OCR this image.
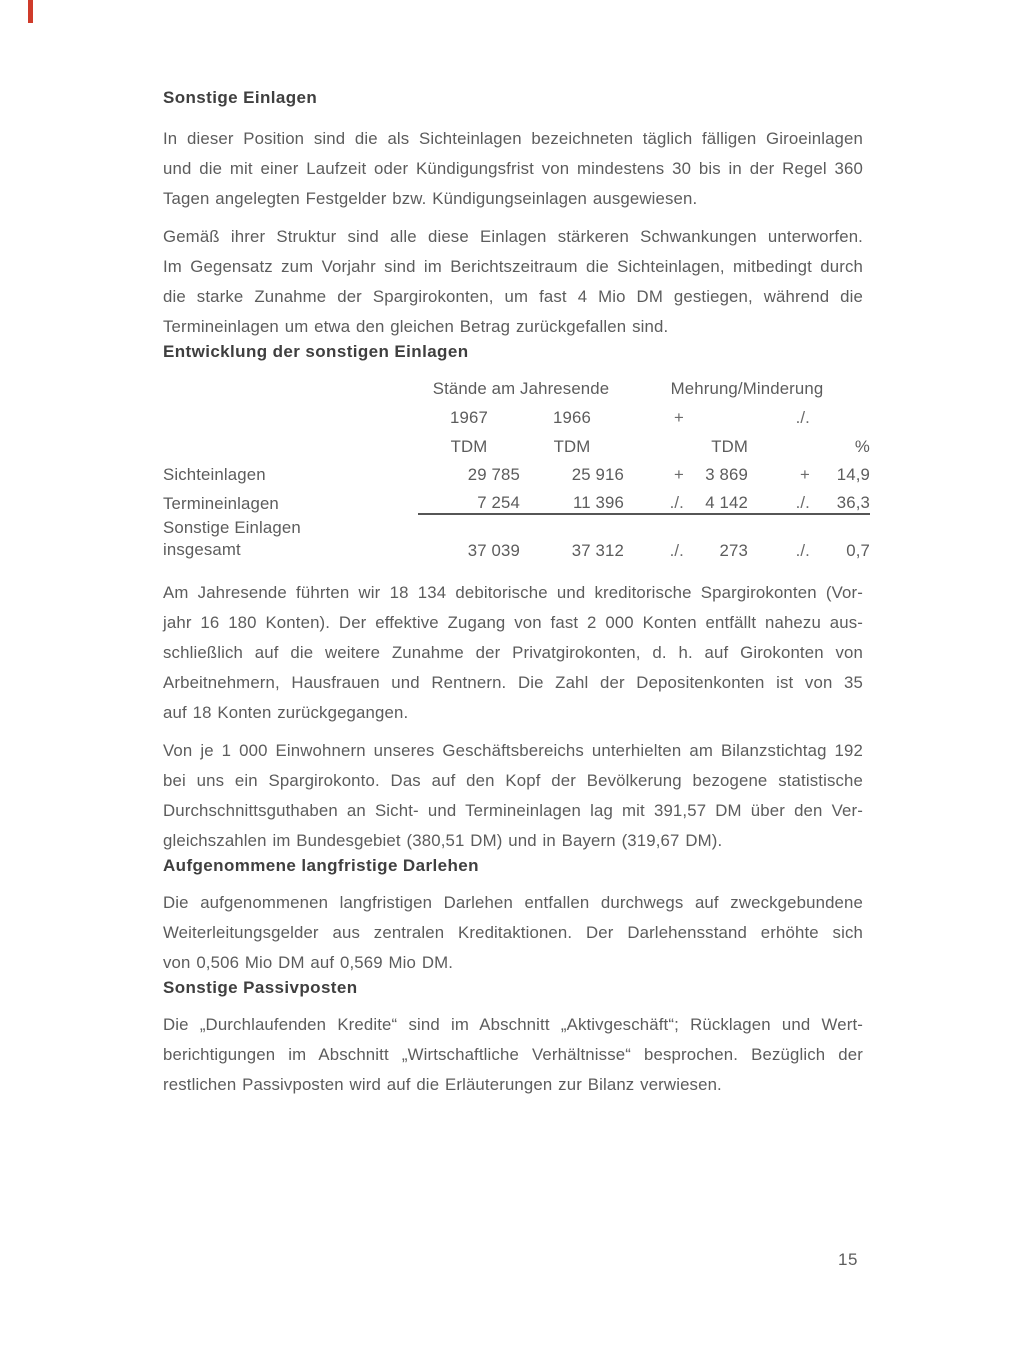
Sonstige Einlagen
In dieser Position sind die als Sichteinlagen bezeichneten täglich fälligen Giroeinlagen
und die mit einer Laufzeit oder Kündigungsfrist von mindestens 30 bis in der Regel 360
Tagen angelegten Festgelder bzw. Kündigungseinlagen ausgewiesen.
Gemäß ihrer Struktur sind alle diese Einlagen stärkeren Schwankungen unterworfen.
Im Gegensatz zum Vorjahr sind im Berichtszeitraum die Sichteinlagen, mitbedingt durch
die starke Zunahme der Spargirokonten, um fast 4 Mio DM gestiegen, während die
Termineinlagen um etwa den gleichen Betrag zurückgefallen sind.
Entwicklung der sonstigen Einlagen
	Stände am Jahresende		Mehrung/Minderung			
	1967	1966	+		./.	
	TDM	TDM		TDM		%
Sichteinlagen	29 785	25 916	+	3 869	+	14,9
Termineinlagen	7 254	11 396	./.	4 142	./.	36,3

Sonstige Einlagen
insgesamt	37 039	37 312	./.	273	./.	0,7
Am Jahresende führten wir 18 134 debitorische und kreditorische Spargirokonten (Vor-
jahr 16 180 Konten). Der effektive Zugang von fast 2 000 Konten entfällt nahezu aus-
schließlich auf die weitere Zunahme der Privatgirokonten, d. h. auf Girokonten von
Arbeitnehmern, Hausfrauen und Rentnern. Die Zahl der Depositenkonten ist von 35
auf 18 Konten zurückgegangen.
Von je 1 000 Einwohnern unseres Geschäftsbereichs unterhielten am Bilanzstichtag 192
bei uns ein Spargirokonto. Das auf den Kopf der Bevölkerung bezogene statistische
Durchschnittsguthaben an Sicht- und Termineinlagen lag mit 391,57 DM über den Ver-
gleichszahlen im Bundesgebiet (380,51 DM) und in Bayern (319,67 DM).
Aufgenommene langfristige Darlehen
Die aufgenommenen langfristigen Darlehen entfallen durchwegs auf zweckgebundene
Weiterleitungsgelder aus zentralen Kreditaktionen. Der Darlehensstand erhöhte sich
von 0,506 Mio DM auf 0,569 Mio DM.
Sonstige Passivposten
Die „Durchlaufenden Kredite“ sind im Abschnitt „Aktivgeschäft“; Rücklagen und Wert-
berichtigungen im Abschnitt „Wirtschaftliche Verhältnisse“ besprochen. Bezüglich der
restlichen Passivposten wird auf die Erläuterungen zur Bilanz verwiesen.
15
